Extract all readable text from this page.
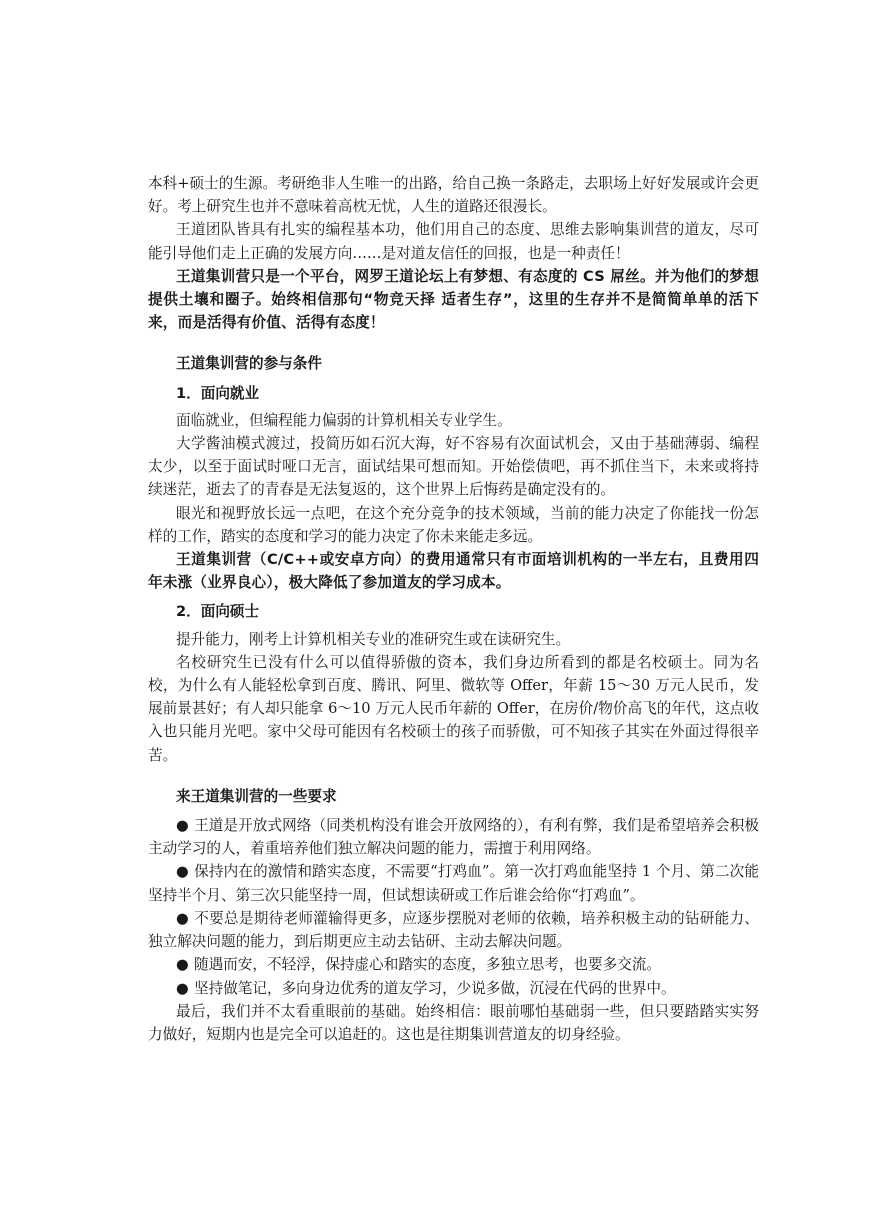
本科+硕士的生源。考研绝非人生唯一的出路，给自己换一条路走，去职场上好好发展或许会更好。考上研究生也并不意味着高枕无忧，人生的道路还很漫长。

王道团队皆具有扎实的编程基本功，他们用自己的态度、思维去影响集训营的道友，尽可能引导他们走上正确的发展方向……是对道友信任的回报，也是一种责任！

王道集训营只是一个平台，网罗王道论坛上有梦想、有态度的 CS 屌丝。并为他们的梦想提供土壤和圈子。始终相信那句“物竞天择 适者生存”，这里的生存并不是简简单单的活下来，而是活得有价值、活得有态度！

王道集训营的参与条件
1．面向就业

面临就业，但编程能力偏弱的计算机相关专业学生。

大学酱油模式渡过，投简历如石沉大海，好不容易有次面试机会，又由于基础薄弱、编程太少，以至于面试时哑口无言，面试结果可想而知。开始偿债吧，再不抓住当下，未来或将持续迷茫，逝去了的青春是无法复返的，这个世界上后悔药是确定没有的。

眼光和视野放长远一点吧，在这个充分竞争的技术领域，当前的能力决定了你能找一份怎样的工作，踏实的态度和学习的能力决定了你未来能走多远。

王道集训营（C/C++或安卓方向）的费用通常只有市面培训机构的一半左右，且费用四年未涨（业界良心），极大降低了参加道友的学习成本。

2．面向硕士

提升能力，刚考上计算机相关专业的准研究生或在读研究生。

名校研究生已没有什么可以值得骄傲的资本，我们身边所看到的都是名校硕士。同为名校，为什么有人能轻松拿到百度、腾讯、阿里、微软等 Offer，年薪 15～30 万元人民币，发展前景甚好；有人却只能拿 6～10 万元人民币年薪的 Offer，在房价/物价高飞的年代，这点收入也只能月光吧。家中父母可能因有名校硕士的孩子而骄傲，可不知孩子其实在外面过得很辛苦。

来王道集训营的一些要求

● 王道是开放式网络（同类机构没有谁会开放网络的），有利有弊，我们是希望培养会积极主动学习的人，着重培养他们独立解决问题的能力，需擅于利用网络。

● 保持内在的激情和踏实态度，不需要“打鸡血”。第一次打鸡血能坚持 1 个月、第二次能坚持半个月、第三次只能坚持一周，但试想读研或工作后谁会给你“打鸡血”。

● 不要总是期待老师灌输得更多，应逐步摆脱对老师的依赖，培养积极主动的钻研能力、独立解决问题的能力，到后期更应主动去钻研、主动去解决问题。

● 随遇而安，不轻浮，保持虚心和踏实的态度，多独立思考，也要多交流。

● 坚持做笔记，多向身边优秀的道友学习，少说多做，沉浸在代码的世界中。

最后，我们并不太看重眼前的基础。始终相信：眼前哪怕基础弱一些，但只要踏踏实实努力做好，短期内也是完全可以追赶的。这也是往期集训营道友的切身经验。
